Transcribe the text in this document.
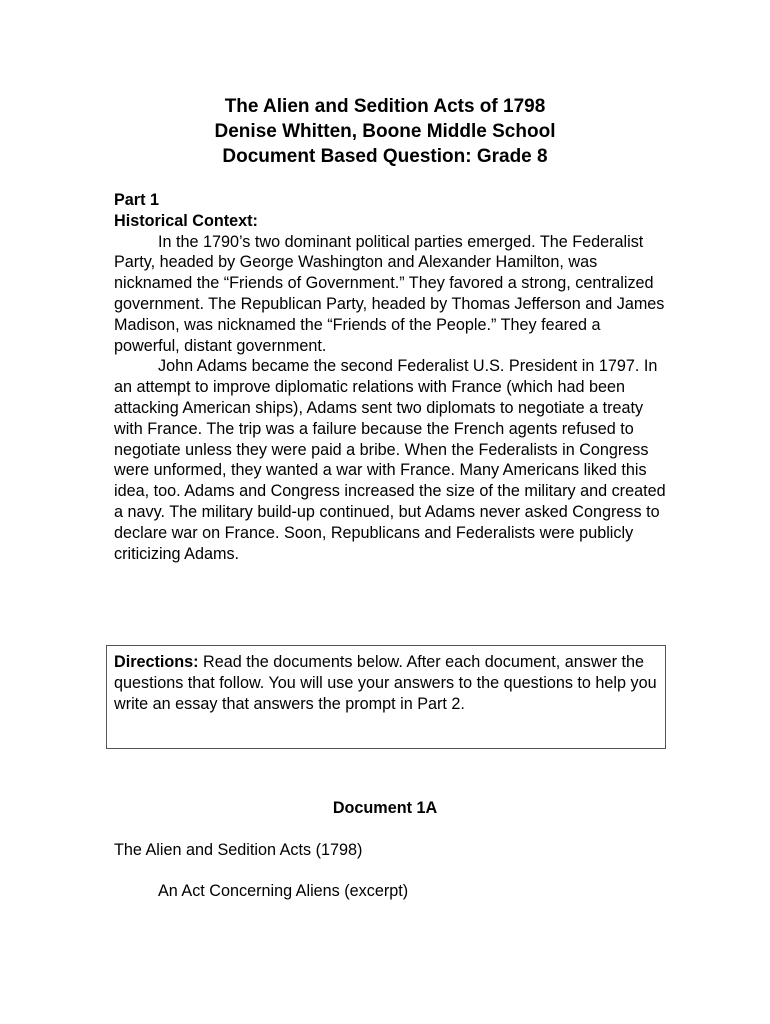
The Alien and Sedition Acts of 1798
Denise Whitten, Boone Middle School
Document Based Question: Grade 8
Part 1
Historical Context:

In the 1790’s two dominant political parties emerged. The Federalist Party, headed by George Washington and Alexander Hamilton, was nicknamed the “Friends of Government.” They favored a strong, centralized government. The Republican Party, headed by Thomas Jefferson and James Madison, was nicknamed the “Friends of the People.” They feared a powerful, distant government.

John Adams became the second Federalist U.S. President in 1797. In an attempt to improve diplomatic relations with France (which had been attacking American ships), Adams sent two diplomats to negotiate a treaty with France. The trip was a failure because the French agents refused to negotiate unless they were paid a bribe. When the Federalists in Congress were unformed, they wanted a war with France. Many Americans liked this idea, too. Adams and Congress increased the size of the military and created a navy. The military build-up continued, but Adams never asked Congress to declare war on France. Soon, Republicans and Federalists were publicly criticizing Adams.

Directions: Read the documents below. After each document, answer the questions that follow. You will use your answers to the questions to help you write an essay that answers the prompt in Part 2.
Document 1A
The Alien and Sedition Acts (1798)
An Act Concerning Aliens (excerpt)
